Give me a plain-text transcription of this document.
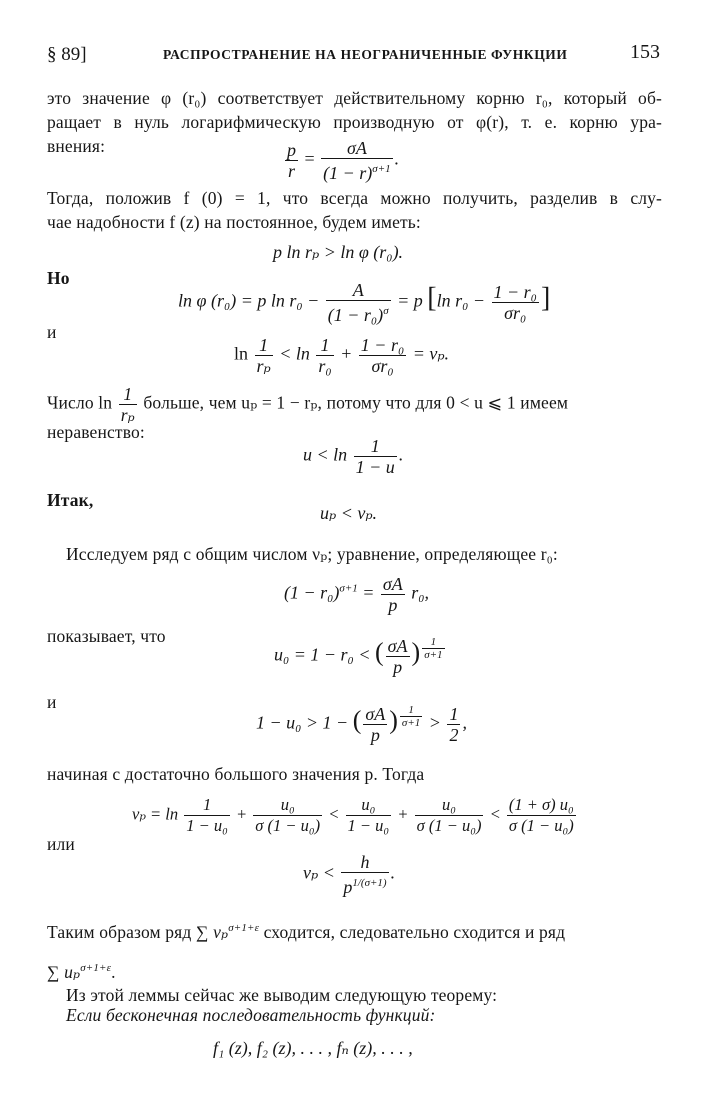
§ 89]	РАСПРОСТРАНЕНИЕ НА НЕОГРАНИЧЕННЫЕ ФУНКЦИИ	153
это значение φ (r₀) соответствует действительному корню r₀, который об-
ращает в нуль логарифмическую производную от φ(r), т. е. корню ура-
внения:	$\frac{p}{r} = \frac{\sigma A}{(1 - r)^{\sigma+1}}$ .
Тогда, положив f (0) = 1, что всегда можно получить, разделив в слу-
чае надобности f (z) на постоянное, будем иметь:
p ln rₚ > ln φ (r₀).
Но
ln φ (r₀) = p $\ln r_0 - \frac{A}{(1 - r_0)^\sigma} = p$ [ln $r_0 - \frac{\text{1 − r₀}}{\text{σr₀}}$ ]
и
$\ln \frac{1}{\text{rₚ}} < \ln \frac{1}{\text{r₀}} + \frac{\text{1 − r₀}}{\text{σr₀}} = \nu_p$.
Число $\ln \frac{1}{\text{rₚ}}$ больше, чем uₚ = 1 − rₚ, потому что для 0 < u ⩽ 1 имеем
неравенство:
$u < \ln \frac{1}{1 - u}$ .
Итак,
uₚ < νₚ.
Исследуем ряд с общим числом νₚ; уравнение, определяющее r₀:
$(1 - r_0)^{\sigma+1} = \frac{\sigma A}{p} r_0$,
показывает, что
u₀ = 1 − r₀ < ( $\frac{\sigma A}{p}$ ) $\frac{1}{\sigma+1}$
и
1 − u₀ > 1 − ( $\frac{\sigma A}{p}$ ) $\frac{1}{\sigma+1} > \frac{1}{2}$ ,
начиная с достаточно большого значения p. Тогда
$\nu_p = \ln \frac{1}{\text{1 − u₀}} + \frac{\text{u₀}}{\text{σ (1 − u₀)}} < \frac{\text{u₀}}{\text{1 − u₀}} + \frac{\text{u₀}}{\text{σ (1 − u₀)}} < \frac{\text{(1 + σ) u₀}}{\text{σ (1 − u₀)}}$
или
$\nu_p < \frac{h}{p^{1/(\sigma+1)}}$ .
Таким образом ряд ∑ νₚ$^{\sigma+1+\varepsilon}$ сходится, следовательно сходится и ряд
∑ uₚ$^{\sigma+1+\varepsilon}$.
Из этой леммы сейчас же выводим следующую теорему:
Если бесконечная последовательность функций:
f₁ (z), f₂ (z), . . . , fₙ (z), . . . ,
